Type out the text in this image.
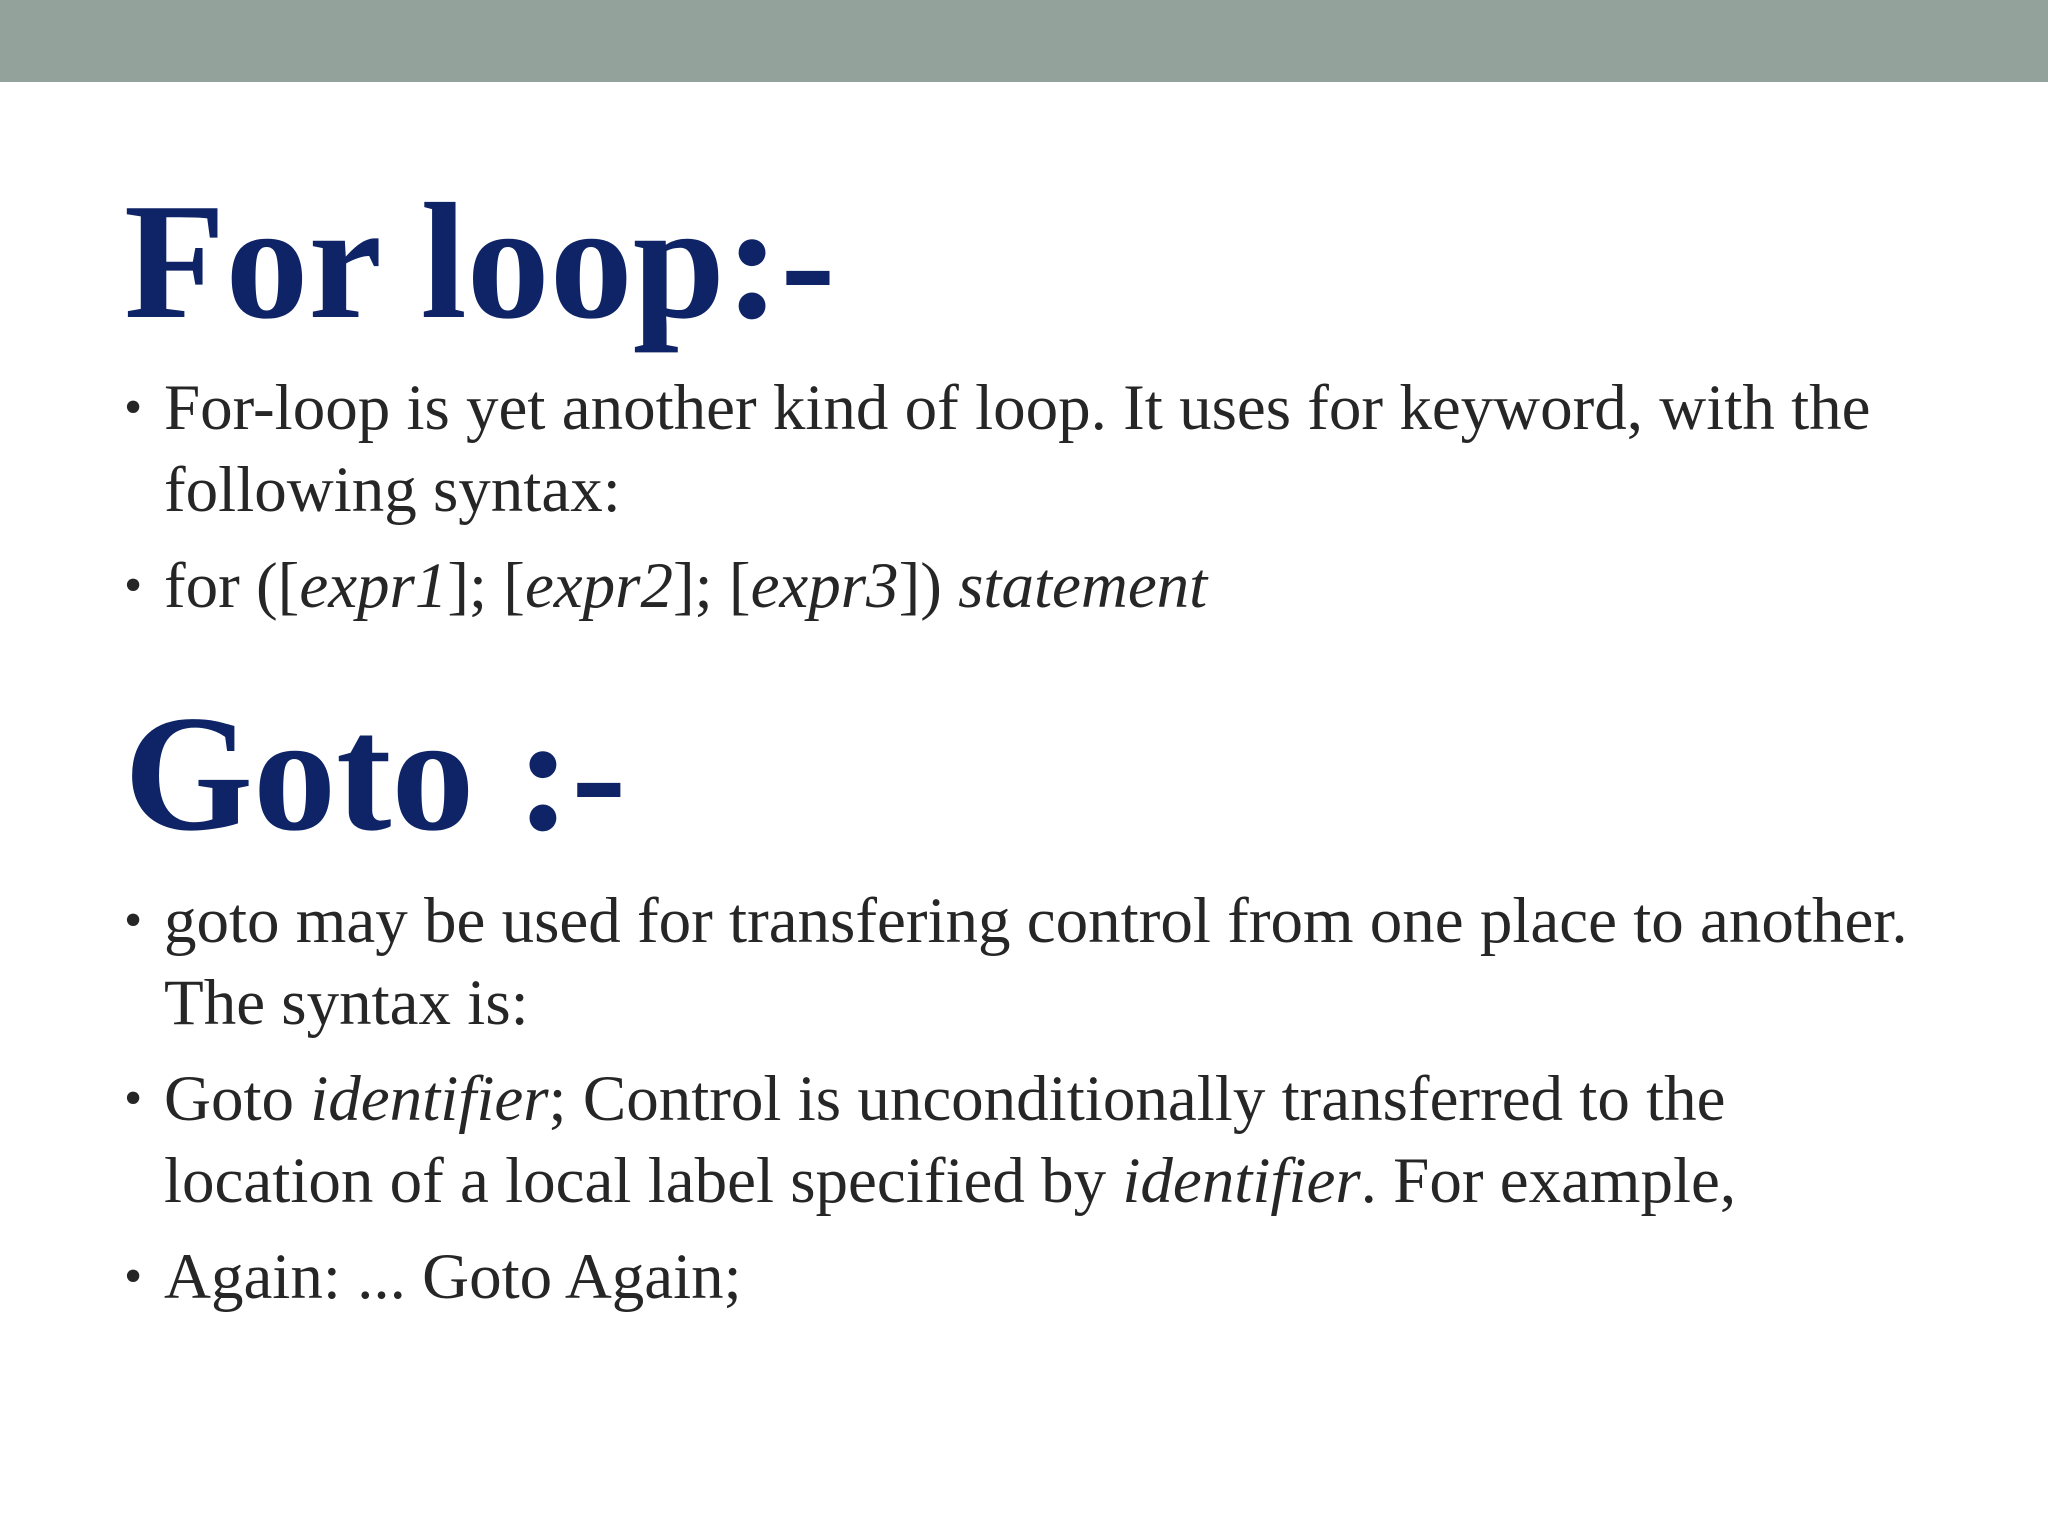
For loop:-
• For-loop is yet another kind of loop. It uses for keyword, with the following syntax:
• for ([expr1]; [expr2]; [expr3]) statement
Goto :-
• goto may be used for transfering control from one place to another. The syntax is:
• Goto identifier; Control is unconditionally transferred to the location of a local label specified by identifier. For example,
• Again: ... Goto Again;
